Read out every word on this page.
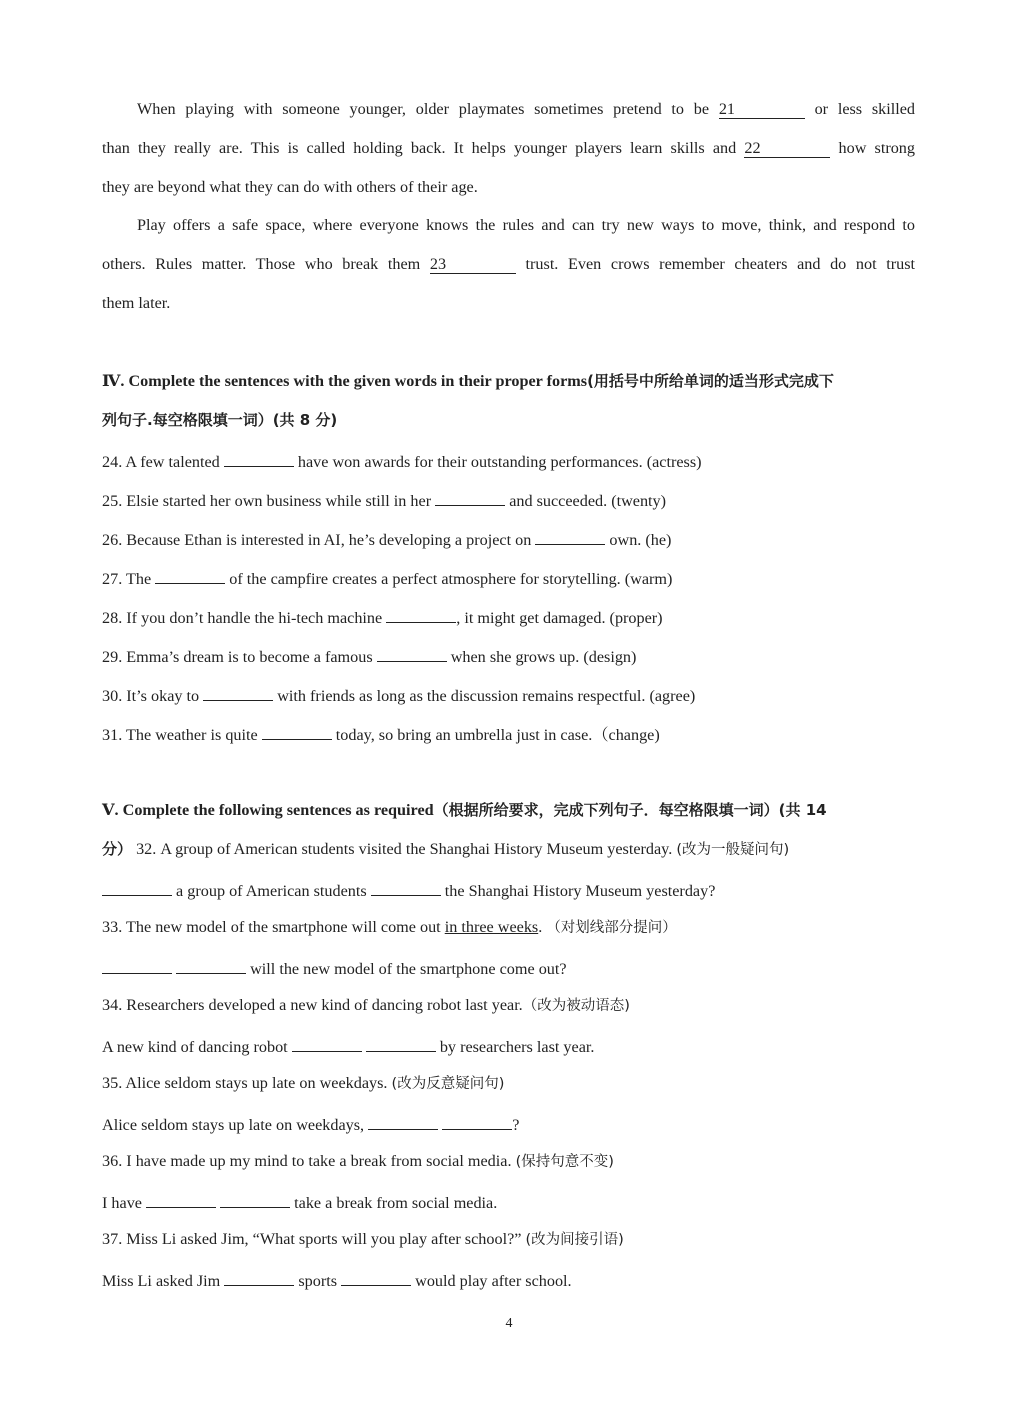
When playing with someone younger, older playmates sometimes pretend to be 21	or less skilled
than they really are. This is called holding back. It helps younger players learn skills and 22	how strong
they are beyond what they can do with others of their age.
Play offers a safe space, where everyone knows the rules and can try new ways to move, think, and respond to
others. Rules matter. Those who break them 23	trust. Even crows remember cheaters and do not trust
them later.
Ⅳ. Complete the sentences with the given words in their proper forms(用括号中所给单词的适当形式完成下
列句子.每空格限填一词）(共 8 分)
24. A few talented	have won awards for their outstanding performances. (actress)
25. Elsie started her own business while still in her	and succeeded. (twenty)
26. Because Ethan is interested in AI, he’s developing a project on	own. (he)
27. The	of the campfire creates a perfect atmosphere for storytelling. (warm)
28. If you don’t handle the hi-tech machine	, it might get damaged. (proper)
29. Emma’s dream is to become a famous	when she grows up. (design)
30. It’s okay to	with friends as long as the discussion remains respectful. (agree)
31. The weather is quite	today, so bring an umbrella just in case.（change)
Ⅴ. Complete the following sentences as required（根据所给要求，完成下列句子．每空格限填一词）(共 14
分） 32. A group of American students visited the Shanghai History Museum yesterday. (改为一般疑问句)
a group of American students	the Shanghai History Museum yesterday?
33. The new model of the smartphone will come out in three weeks. （对划线部分提问）
will the new model of the smartphone come out?
34. Researchers developed a new kind of dancing robot last year.（改为被动语态)
A new kind of dancing robot	by researchers last year.
35. Alice seldom stays up late on weekdays. (改为反意疑问句)
Alice seldom stays up late on weekdays,	?
36. I have made up my mind to take a break from social media. (保持句意不变)
I have	take a break from social media.
37. Miss Li asked Jim, “What sports will you play after school?” (改为间接引语)
Miss Li asked Jim	sports	would play after school.
4
